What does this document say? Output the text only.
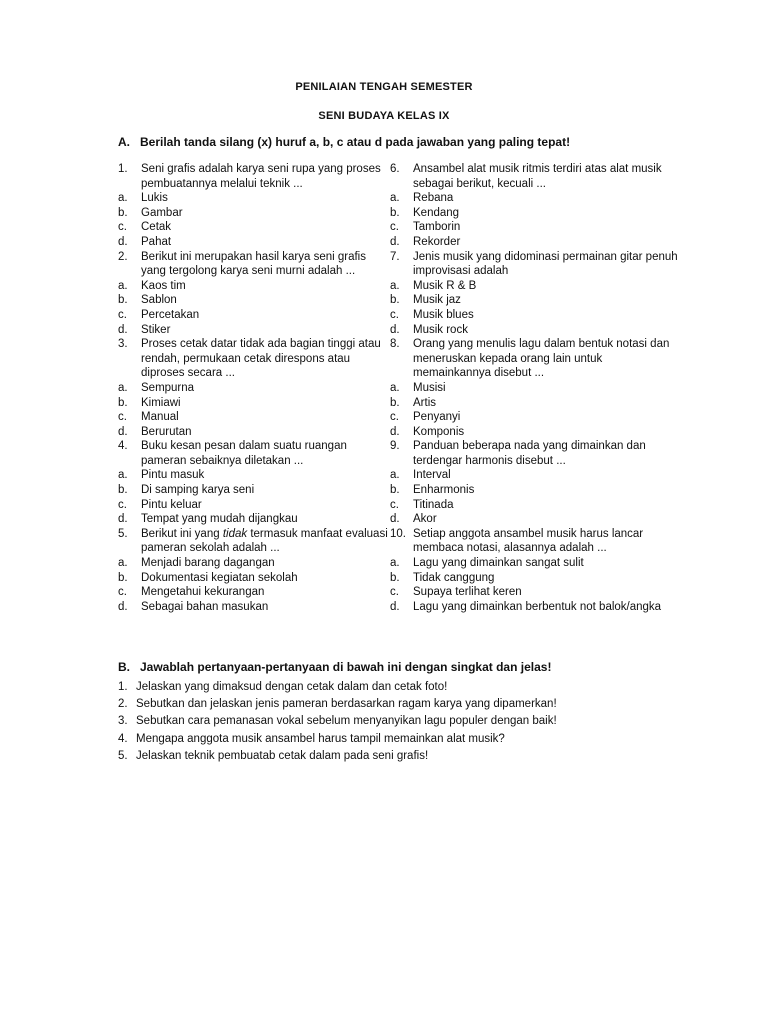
PENILAIAN TENGAH SEMESTER
SENI BUDAYA KELAS IX
A. Berilah tanda silang (x) huruf a, b, c atau d pada jawaban yang paling tepat!
1.	Seni grafis adalah karya seni rupa yang proses pembuatannya melalui teknik ...
a.	Lukis
b.	Gambar
c.	Cetak
d.	Pahat
2.	Berikut ini merupakan hasil karya seni grafis yang tergolong karya seni murni adalah ...
a.	Kaos tim
b.	Sablon
c.	Percetakan
d.	Stiker
3.	Proses cetak datar tidak ada bagian tinggi atau rendah, permukaan cetak direspons atau diproses secara ...
a.	Sempurna
b.	Kimiawi
c.	Manual
d.	Berurutan
4.	Buku kesan pesan dalam suatu ruangan pameran sebaiknya diletakan ...
a.	Pintu masuk
b.	Di samping karya seni
c.	Pintu keluar
d.	Tempat yang mudah dijangkau
5.	Berikut ini yang tidak termasuk manfaat evaluasi pameran sekolah adalah ...
a.	Menjadi barang dagangan
b.	Dokumentasi kegiatan sekolah
c.	Mengetahui kekurangan
d.	Sebagai bahan masukan
6.	Ansambel alat musik ritmis terdiri atas alat musik sebagai berikut, kecuali ...
a.	Rebana
b.	Kendang
c.	Tamborin
d.	Rekorder
7.	Jenis musik yang didominasi permainan gitar penuh improvisasi adalah
a.	Musik R & B
b.	Musik jaz
c.	Musik blues
d.	Musik rock
8.	Orang yang menulis lagu dalam bentuk notasi dan meneruskan kepada orang lain untuk memainkannya disebut ...
a.	Musisi
b.	Artis
c.	Penyanyi
d.	Komponis
9.	Panduan beberapa nada yang dimainkan dan terdengar harmonis disebut ...
a.	Interval
b.	Enharmonis
c.	Titinada
d.	Akor
10. Setiap anggota ansambel musik harus lancar membaca notasi, alasannya adalah ...
a.	Lagu yang dimainkan sangat sulit
b.	Tidak canggung
c.	Supaya terlihat keren
d.	Lagu yang dimainkan berbentuk not balok/angka
B. Jawablah pertanyaan-pertanyaan di bawah ini dengan singkat dan jelas!
1. Jelaskan yang dimaksud dengan cetak dalam dan cetak foto!
2. Sebutkan dan jelaskan jenis pameran berdasarkan ragam karya yang dipamerkan!
3. Sebutkan cara pemanasan vokal sebelum menyanyikan lagu populer dengan baik!
4. Mengapa anggota musik ansambel harus tampil memainkan alat musik?
5. Jelaskan teknik pembuatab cetak dalam pada seni grafis!
